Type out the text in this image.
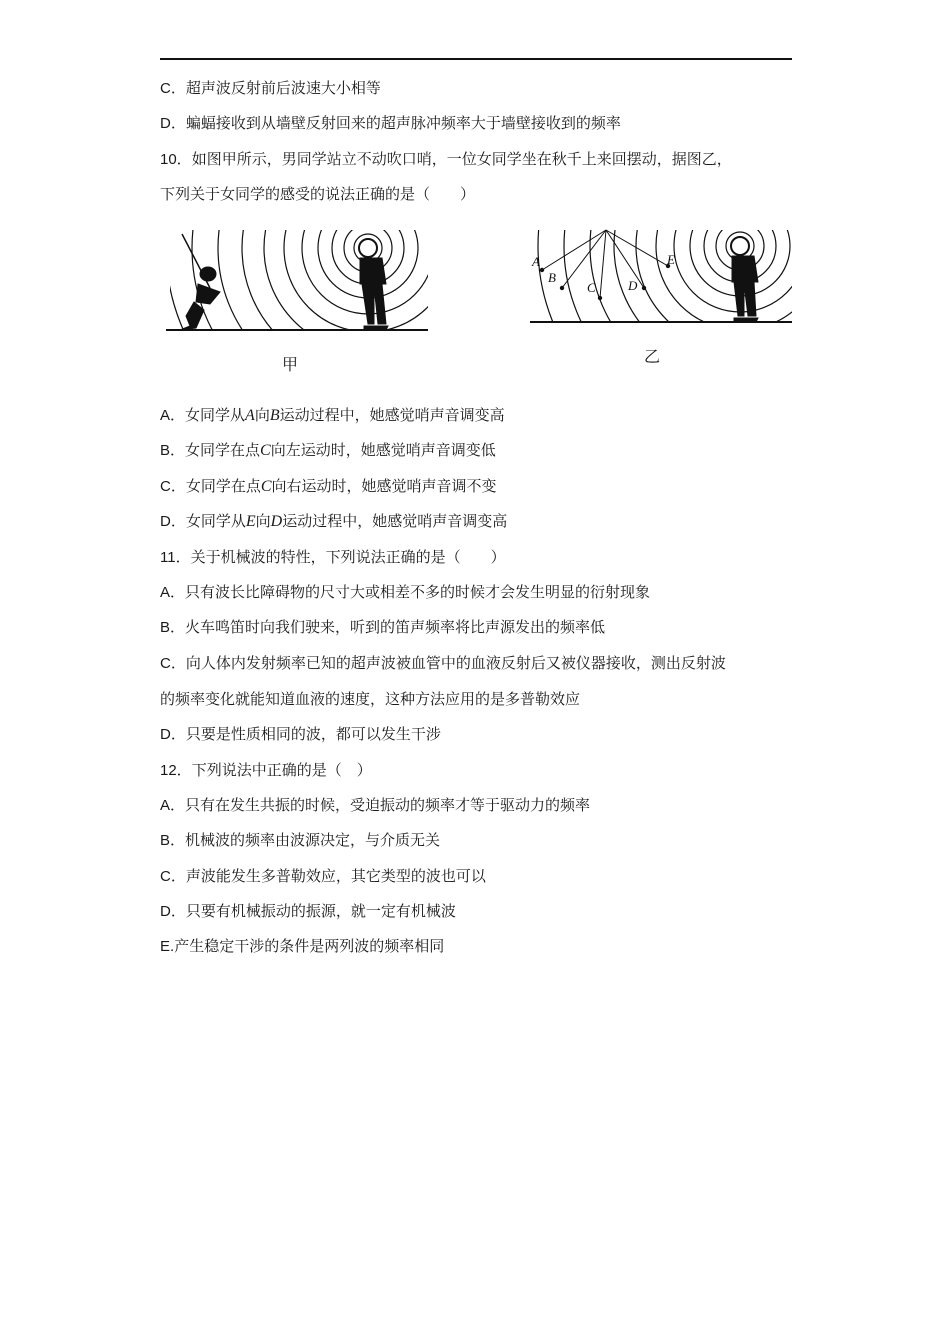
C．超声波反射前后波速大小相等
D．蝙蝠接收到从墙壁反射回来的超声脉冲频率大于墙壁接收到的频率
10．如图甲所示，男同学站立不动吹口哨，一位女同学坐在秋千上来回摆动，据图乙，
下列关于女同学的感受的说法正确的是（　　）
甲
A
B
C D
E
乙
A．女同学从A向B运动过程中，她感觉哨声音调变高
B．女同学在点C向左运动时，她感觉哨声音调变低
C．女同学在点C向右运动时，她感觉哨声音调不变
D．女同学从E向D运动过程中，她感觉哨声音调变高
11．关于机械波的特性，下列说法正确的是（　　）
A．只有波长比障碍物的尺寸大或相差不多的时候才会发生明显的衍射现象
B．火车鸣笛时向我们驶来，听到的笛声频率将比声源发出的频率低
C．向人体内发射频率已知的超声波被血管中的血液反射后又被仪器接收，测出反射波
的频率变化就能知道血液的速度，这种方法应用的是多普勒效应
D．只要是性质相同的波，都可以发生干涉
12．下列说法中正确的是（　）
A．只有在发生共振的时候，受迫振动的频率才等于驱动力的频率
B．机械波的频率由波源决定，与介质无关
C．声波能发生多普勒效应，其它类型的波也可以
D．只要有机械振动的振源，就一定有机械波
E.产生稳定干涉的条件是两列波的频率相同
